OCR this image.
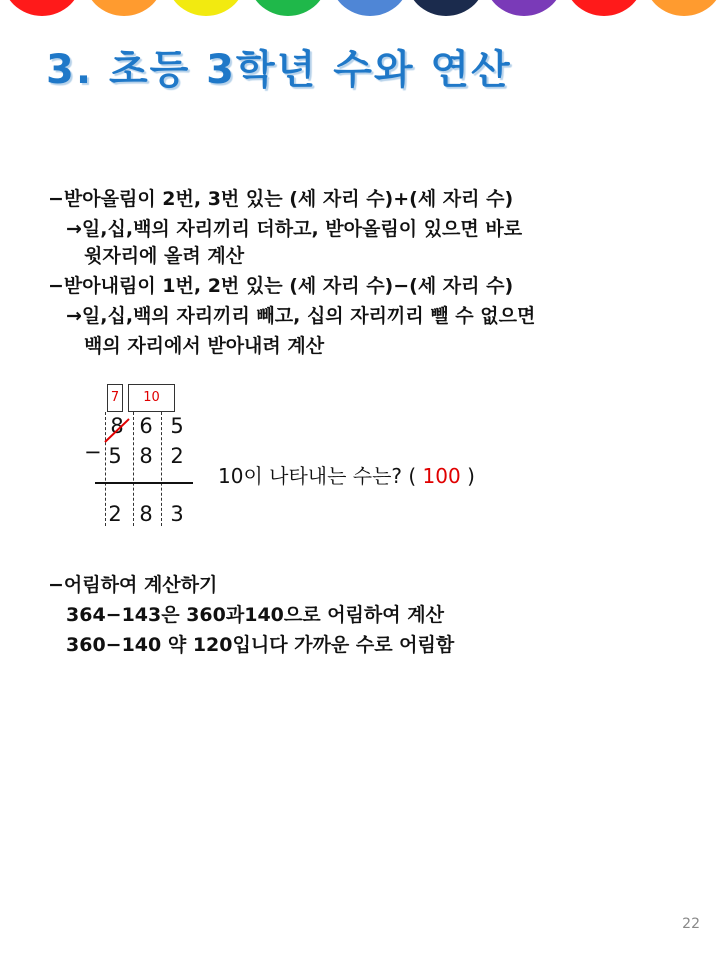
3. 초등 3학년 수와 연산
−받아올림이 2번, 3번 있는 (세 자리 수)+(세 자리 수)
→일,십,백의 자리끼리 더하고, 받아올림이 있으면 바로
윗자리에 올려 계산
−받아내림이 1번, 2번 있는 (세 자리 수)−(세 자리 수)
→일,십,백의 자리끼리 빼고, 십의 자리끼리 뺄 수 없으면
백의 자리에서 받아내려 계산
7	10
8 6 5
− 5 8 2
2 8 3
10이 나타내는 수는? ( 100 )
−어림하여 계산하기
364−143은 360과140으로 어림하여 계산
360−140 약 120입니다 가까운 수로 어림함
22
